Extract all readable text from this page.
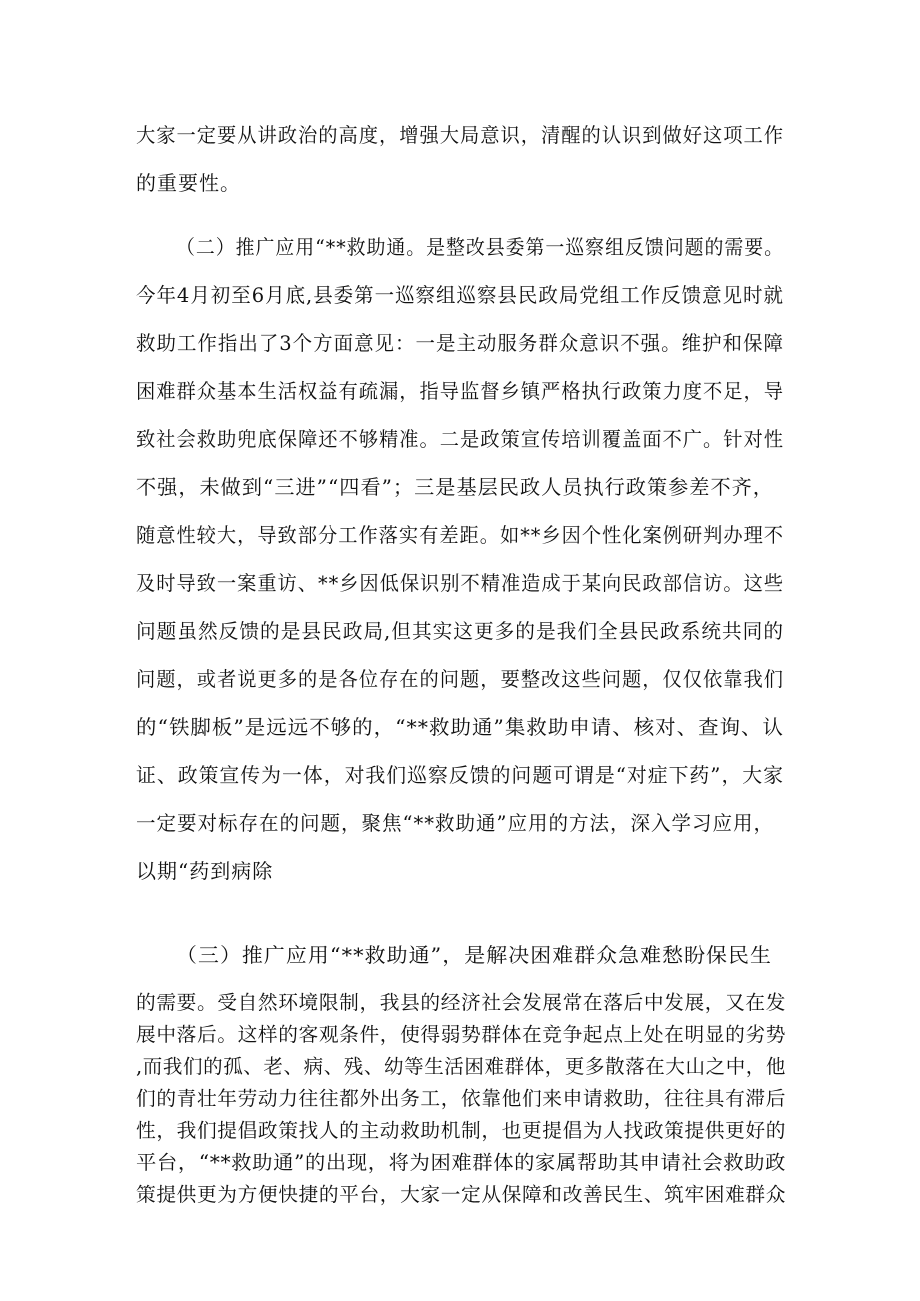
大家一定要从讲政治的高度，增强大局意识，清醒的认识到做好这项工作
的重要性。
（二）推广应用“**救助通。是整改县委第一巡察组反馈问题的需要。
今年4月初至6月底,县委第一巡察组巡察县民政局党组工作反馈意见时就
救助工作指出了3个方面意见：一是主动服务群众意识不强。维护和保障
困难群众基本生活权益有疏漏，指导监督乡镇严格执行政策力度不足，导
致社会救助兜底保障还不够精准。二是政策宣传培训覆盖面不广。针对性
不强，未做到“三进”“四看”；三是基层民政人员执行政策参差不齐，
随意性较大，导致部分工作落实有差距。如**乡因个性化案例研判办理不
及时导致一案重访、**乡因低保识别不精准造成于某向民政部信访。这些
问题虽然反馈的是县民政局,但其实这更多的是我们全县民政系统共同的
问题，或者说更多的是各位存在的问题，要整改这些问题，仅仅依靠我们
的“铁脚板”是远远不够的，“**救助通”集救助申请、核对、查询、认
证、政策宣传为一体，对我们巡察反馈的问题可谓是“对症下药”，大家
一定要对标存在的问题，聚焦“**救助通”应用的方法，深入学习应用，
以期“药到病除
（三）推广应用“**救助通”，是解决困难群众急难愁盼保民生
的需要。受自然环境限制，我县的经济社会发展常在落后中发展，又在发
展中落后。这样的客观条件，使得弱势群体在竞争起点上处在明显的劣势
,而我们的孤、老、病、残、幼等生活困难群体，更多散落在大山之中，他
们的青壮年劳动力往往都外出务工，依靠他们来申请救助，往往具有滞后
性，我们提倡政策找人的主动救助机制，也更提倡为人找政策提供更好的
平台，“**救助通”的出现，将为困难群体的家属帮助其申请社会救助政
策提供更为方便快捷的平台，大家一定从保障和改善民生、筑牢困难群众
